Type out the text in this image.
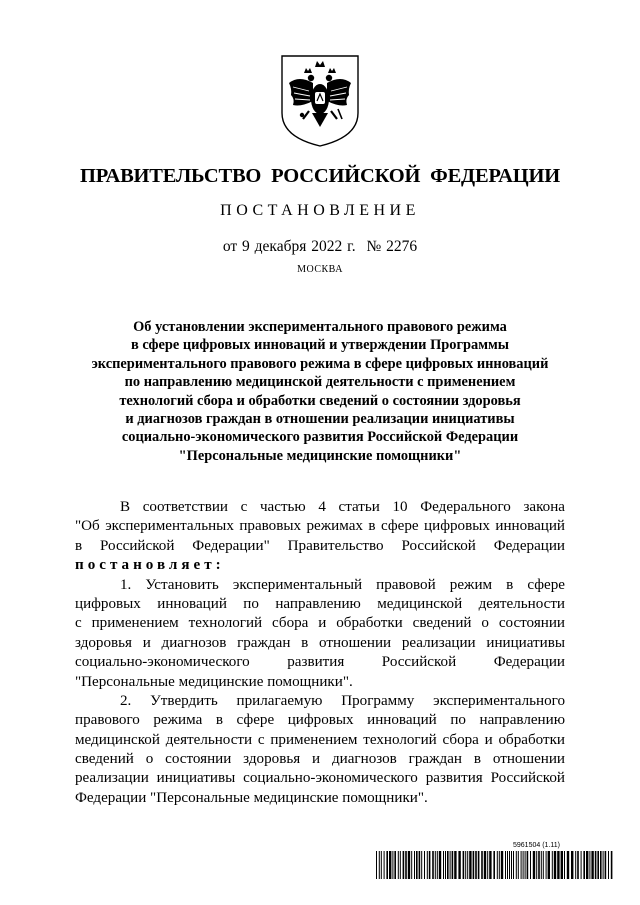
ПРАВИТЕЛЬСТВО РОССИЙСКОЙ ФЕДЕРАЦИИ
ПОСТАНОВЛЕНИЕ
от 9 декабря 2022 г. № 2276
МОСКВА
Об установлении экспериментального правового режима
в сфере цифровых инноваций и утверждении Программы
экспериментального правового режима в сфере цифровых инноваций
по направлению медицинской деятельности с применением
технологий сбора и обработки сведений о состоянии здоровья
и диагнозов граждан в отношении реализации инициативы
социально-экономического развития Российской Федерации
"Персональные медицинские помощники"
В соответствии с частью 4 статьи 10 Федерального закона
"Об экспериментальных правовых режимах в сфере цифровых инноваций
в Российской Федерации" Правительство Российской Федерации
постановляет:
1. Установить экспериментальный правовой режим в сфере
цифровых инноваций по направлению медицинской деятельности
с применением технологий сбора и обработки сведений о состоянии
здоровья и диагнозов граждан в отношении реализации инициативы
социально-экономического развития Российской Федерации
"Персональные медицинские помощники".
2. Утвердить прилагаемую Программу экспериментального
правового режима в сфере цифровых инноваций по направлению
медицинской деятельности с применением технологий сбора и обработки
сведений о состоянии здоровья и диагнозов граждан в отношении
реализации инициативы социально-экономического развития Российской
Федерации "Персональные медицинские помощники".
5961504 (1.11)
